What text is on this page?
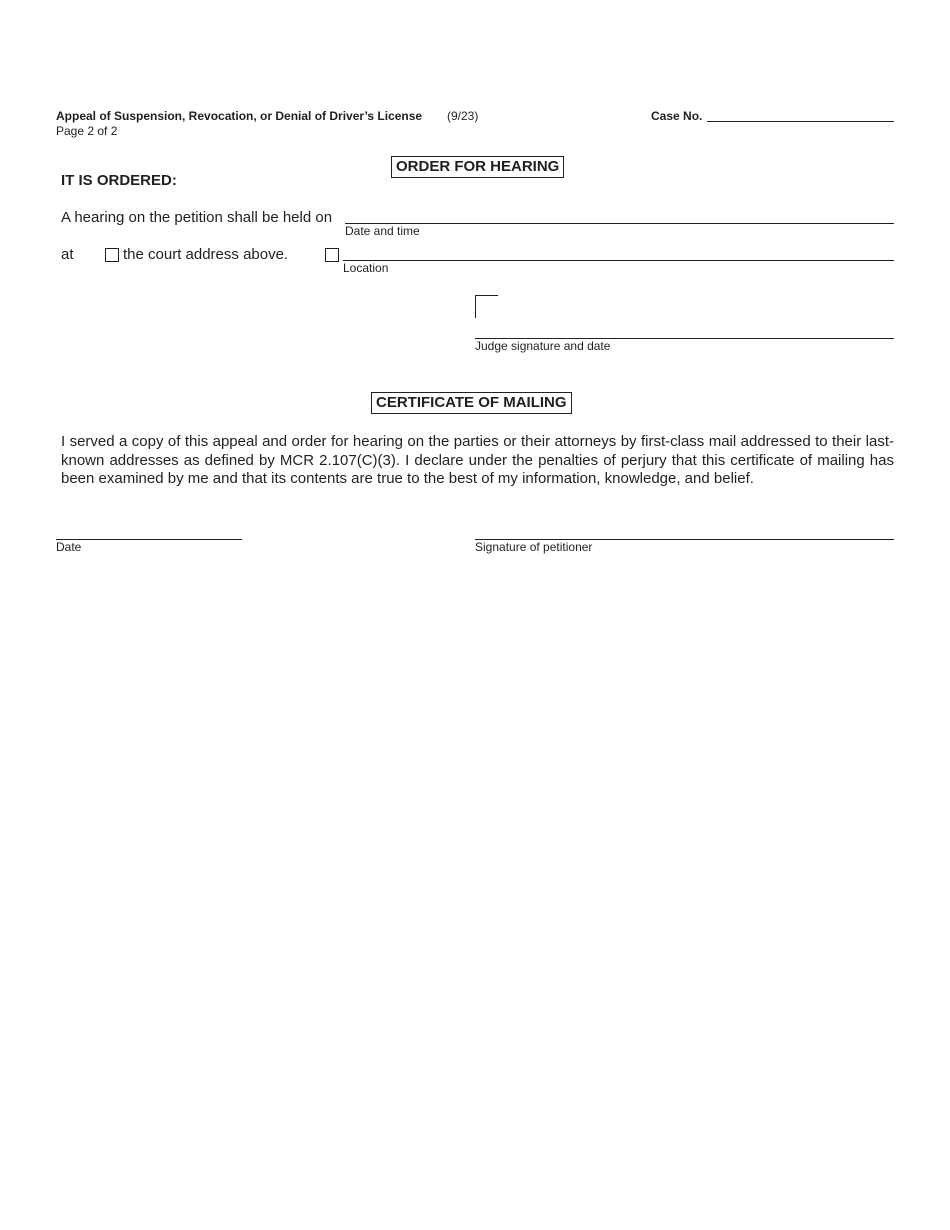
Appeal of Suspension, Revocation, or Denial of Driver’s License (9/23)
Page 2 of 2
Case No.
ORDER FOR HEARING
IT IS ORDERED:
A hearing on the petition shall be held on
Date and time
at	the court address above.
Location
Judge signature and date
CERTIFICATE OF MAILING
I served a copy of this appeal and order for hearing on the parties or their attorneys by first-class mail addressed to their last-known addresses as defined by MCR 2.107(C)(3). I declare under the penalties of perjury that this certificate of mailing has been examined by me and that its contents are true to the best of my information, knowledge, and belief.
Date	Signature of petitioner
